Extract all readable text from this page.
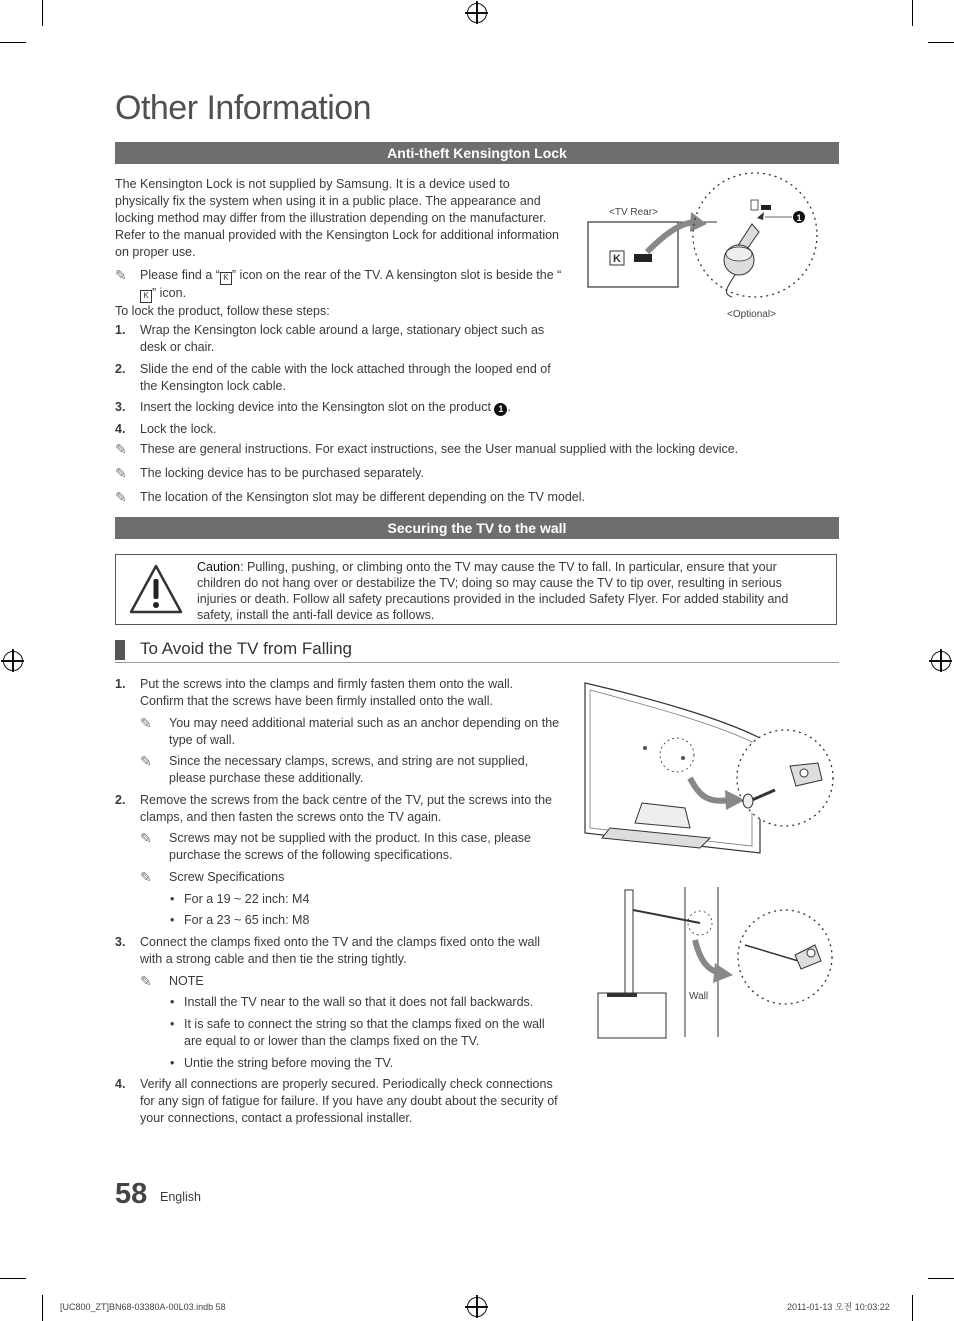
Other Information
Anti-theft Kensington Lock
The Kensington Lock is not supplied by Samsung. It is a device used to physically fix the system when using it in a public place. The appearance and locking method may differ from the illustration depending on the manufacturer. Refer to the manual provided with the Kensington Lock for additional information on proper use.
✎ Please find a “ K ” icon on the rear of the TV. A kensington slot is beside the “K ” icon.
To lock the product, follow these steps:
1. Wrap the Kensington lock cable around a large, stationary object such as desk or chair.
2. Slide the end of the cable with the lock attached through the looped end of the Kensington lock cable.
3. Insert the locking device into the Kensington slot on the product 1 .
4. Lock the lock.
✎ These are general instructions. For exact instructions, see the User manual supplied with the locking device.
✎ The locking device has to be purchased separately.
✎ The location of the Kensington slot may be different depending on the TV model.
K
1
<TV Rear>
<Optional>
Securing the TV to the wall
Caution: Pulling, pushing, or climbing onto the TV may cause the TV to fall. In particular, ensure that your children do not hang over or destabilize the TV; doing so may cause the TV to tip over, resulting in serious injuries or death. Follow all safety precautions provided in the included Safety Flyer. For added stability and safety, install the anti-fall device as follows.
To Avoid the TV from Falling
1. Put the screws into the clamps and firmly fasten them onto the wall. Confirm that the screws have been firmly installed onto the wall.
✎ You may need additional material such as an anchor depending on the type of wall.
✎ Since the necessary clamps, screws, and string are not supplied, please purchase these additionally.
2. Remove the screws from the back centre of the TV, put the screws into the clamps, and then fasten the screws onto the TV again.
✎ Screws may not be supplied with the product. In this case, please purchase the screws of the following specifications.
✎ Screw Specifications
• For a 19 ~ 22 inch: M4
• For a 23 ~ 65 inch: M8
3. Connect the clamps fixed onto the TV and the clamps fixed onto the wall with a strong cable and then tie the string tightly.
✎ NOTE
• Install the TV near to the wall so that it does not fall backwards.
• It is safe to connect the string so that the clamps fixed on the wall are equal to or lower than the clamps fixed on the TV.
• Untie the string before moving the TV.
4. Verify all connections are properly secured. Periodically check connections for any sign of fatigue for failure. If you have any doubt about the security of your connections, contact a professional installer.
Wall
58 English
[UC800_ZT]BN68-03380A-00L03.indb 58	2011-01-13 오전 10:03:22
